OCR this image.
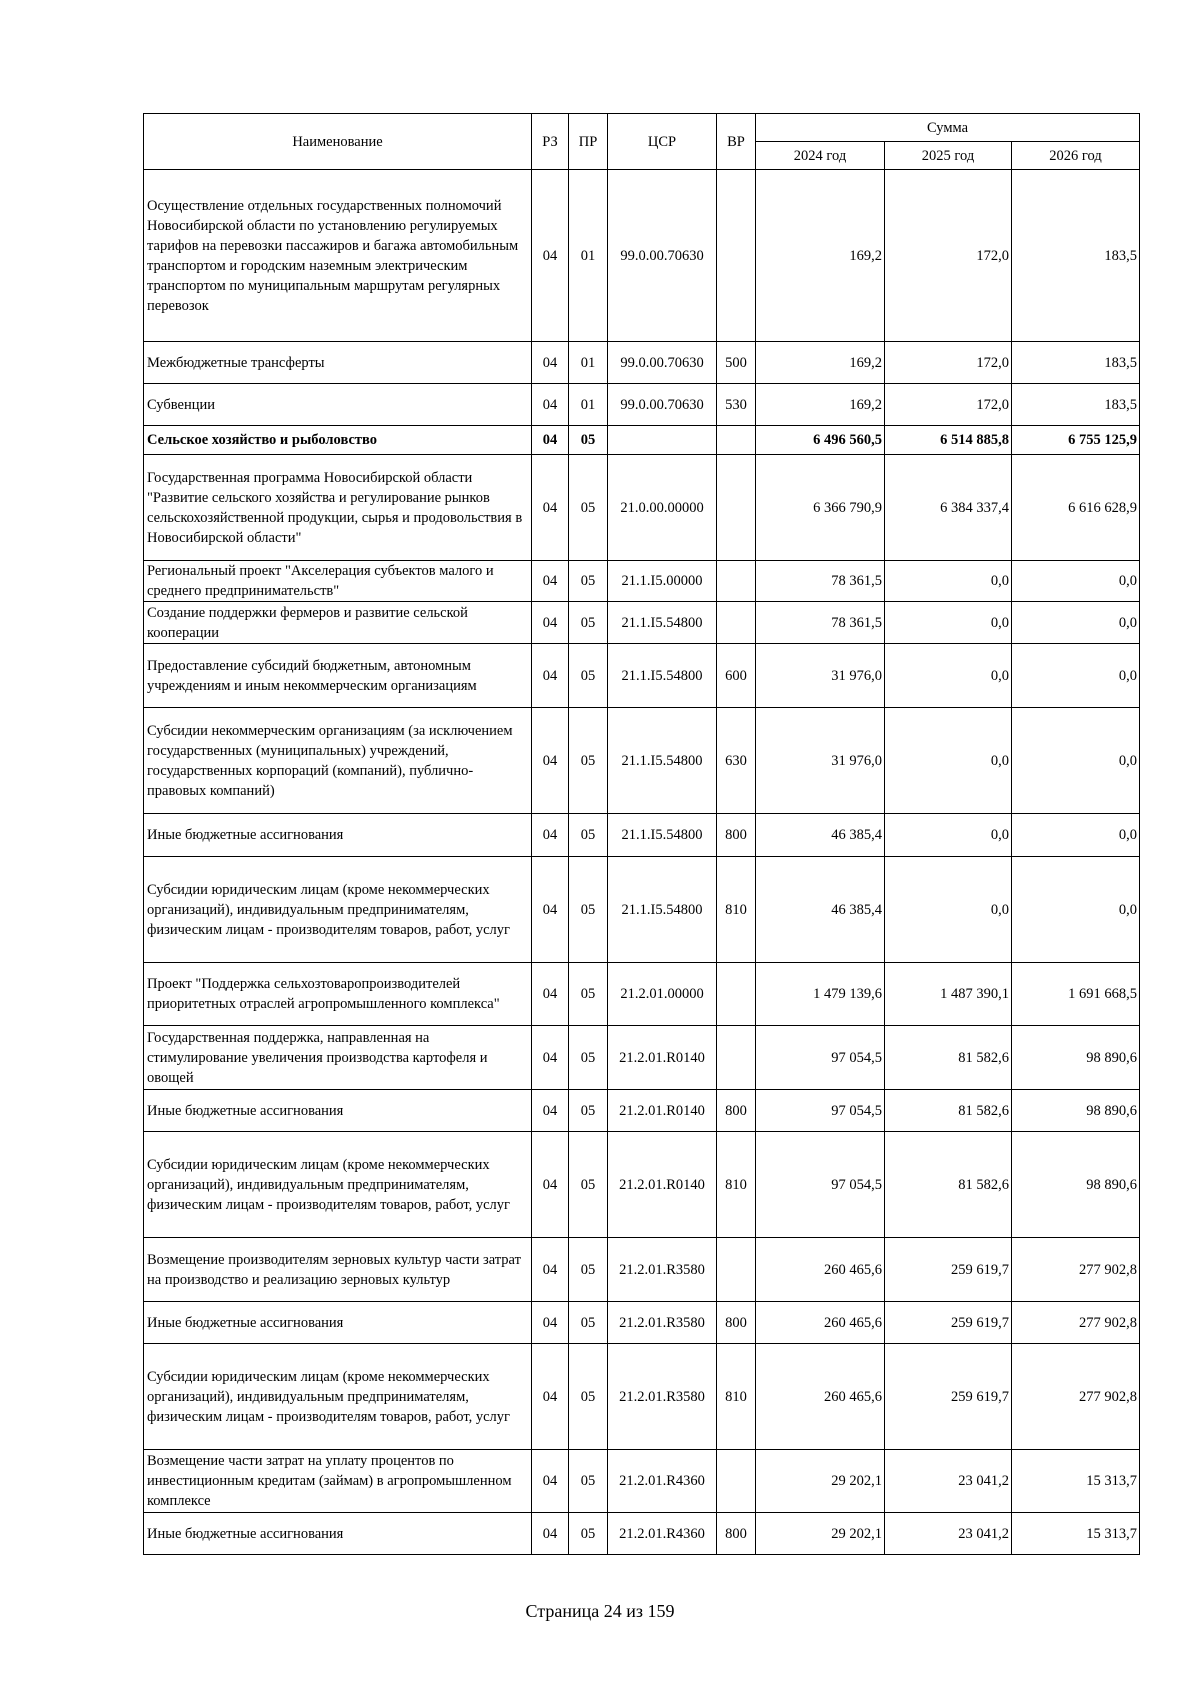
Наименование	РЗ	ПР	ЦСР	ВР	Сумма		
					2024 год	2025 год	2026 год
Осуществление отдельных государственных полномочий Новосибирской области по установлению регулируемых тарифов на перевозки пассажиров и багажа автомобильным транспортом и городским наземным электрическим транспортом по муниципальным маршрутам регулярных перевозок	04	01	99.0.00.70630		169,2	172,0	183,5
Межбюджетные трансферты	04	01	99.0.00.70630	500	169,2	172,0	183,5
Субвенции	04	01	99.0.00.70630	530	169,2	172,0	183,5
Сельское хозяйство и рыболовство	04	05			6 496 560,5	6 514 885,8	6 755 125,9
Государственная программа Новосибирской области "Развитие сельского хозяйства и регулирование рынков сельскохозяйственной продукции, сырья и продовольствия в Новосибирской области"	04	05	21.0.00.00000		6 366 790,9	6 384 337,4	6 616 628,9
Региональный проект "Акселерация субъектов малого и среднего предпринимательств"	04	05	21.1.I5.00000		78 361,5	0,0	0,0
Создание поддержки фермеров и развитие сельской кооперации	04	05	21.1.I5.54800		78 361,5	0,0	0,0
Предоставление субсидий бюджетным, автономным учреждениям и иным некоммерческим организациям	04	05	21.1.I5.54800	600	31 976,0	0,0	0,0
Субсидии некоммерческим организациям (за исключением государственных (муниципальных) учреждений, государственных корпораций (компаний), публично-правовых компаний)	04	05	21.1.I5.54800	630	31 976,0	0,0	0,0
Иные бюджетные ассигнования	04	05	21.1.I5.54800	800	46 385,4	0,0	0,0
Субсидии юридическим лицам (кроме некоммерческих организаций), индивидуальным предпринимателям, физическим лицам - производителям товаров, работ, услуг	04	05	21.1.I5.54800	810	46 385,4	0,0	0,0
Проект "Поддержка сельхозтоваропроизводителей приоритетных отраслей агропромышленного комплекса"	04	05	21.2.01.00000		1 479 139,6	1 487 390,1	1 691 668,5
Государственная поддержка, направленная на стимулирование увеличения производства картофеля и овощей	04	05	21.2.01.R0140		97 054,5	81 582,6	98 890,6
Иные бюджетные ассигнования	04	05	21.2.01.R0140	800	97 054,5	81 582,6	98 890,6
Субсидии юридическим лицам (кроме некоммерческих организаций), индивидуальным предпринимателям, физическим лицам - производителям товаров, работ, услуг	04	05	21.2.01.R0140	810	97 054,5	81 582,6	98 890,6
Возмещение производителям зерновых культур части затрат на производство и реализацию зерновых культур	04	05	21.2.01.R3580		260 465,6	259 619,7	277 902,8
Иные бюджетные ассигнования	04	05	21.2.01.R3580	800	260 465,6	259 619,7	277 902,8
Субсидии юридическим лицам (кроме некоммерческих организаций), индивидуальным предпринимателям, физическим лицам - производителям товаров, работ, услуг	04	05	21.2.01.R3580	810	260 465,6	259 619,7	277 902,8
Возмещение части затрат на уплату процентов по инвестиционным кредитам (займам) в агропромышленном комплексе	04	05	21.2.01.R4360		29 202,1	23 041,2	15 313,7
Иные бюджетные ассигнования	04	05	21.2.01.R4360	800	29 202,1	23 041,2	15 313,7
Страница 24 из 159
